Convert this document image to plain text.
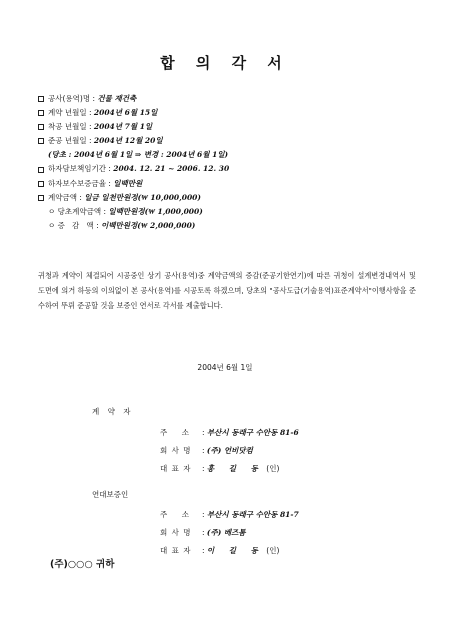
합 의 각 서
공사(용역)명 : 건물 재건축
계약 년월일 : 2004년 6월 15일
착공 년월일 : 2004년 7월 1일
준공 년월일 : 2004년 12월 20일
(당초 : 2004년 6월 1일 ⇒ 변경 : 2004년 6월 1일)
하자담보책임기간 : 2004. 12. 21 ~ 2006. 12. 30
하자보수보증금율 : 일백만원
계약금액 : 일금 일천만원정(₩ 10,000,000)
ㅇ 당초계약금액 : 일백만원정(₩ 1,000,000)
ㅇ 증   감   액 : 이백만원정(₩ 2,000,000)
귀청과 계약이 체결되어 시공중인 상기 공사(용역)중 계약금액의 증감(준공기한연기)에 따른 귀청이 설계변경내역서 및 도면에 의거 하등의 이의없이 본 공사(용역)를 시공토록 하겠으며, 당초의 "공사도급(기술용역)표준계약서"이행사항을 준수하여 뚜뤼 준공할 것을 보증인 연서로 각서를 제출합니다.
2004년 6월 1일
계 약 자
주    소 : 부산시 동래구 수안동 81-6
회 사 명 : (주) 언비닷컴
대 표 자 : 홍 길 동 (인)
연대보증인
주    소 : 부산시 동래구 수안동 81-7
회 사 명 : (주) 베즈톰
대 표 자 : 이 길 동 (인)
(주)○○○ 귀하
